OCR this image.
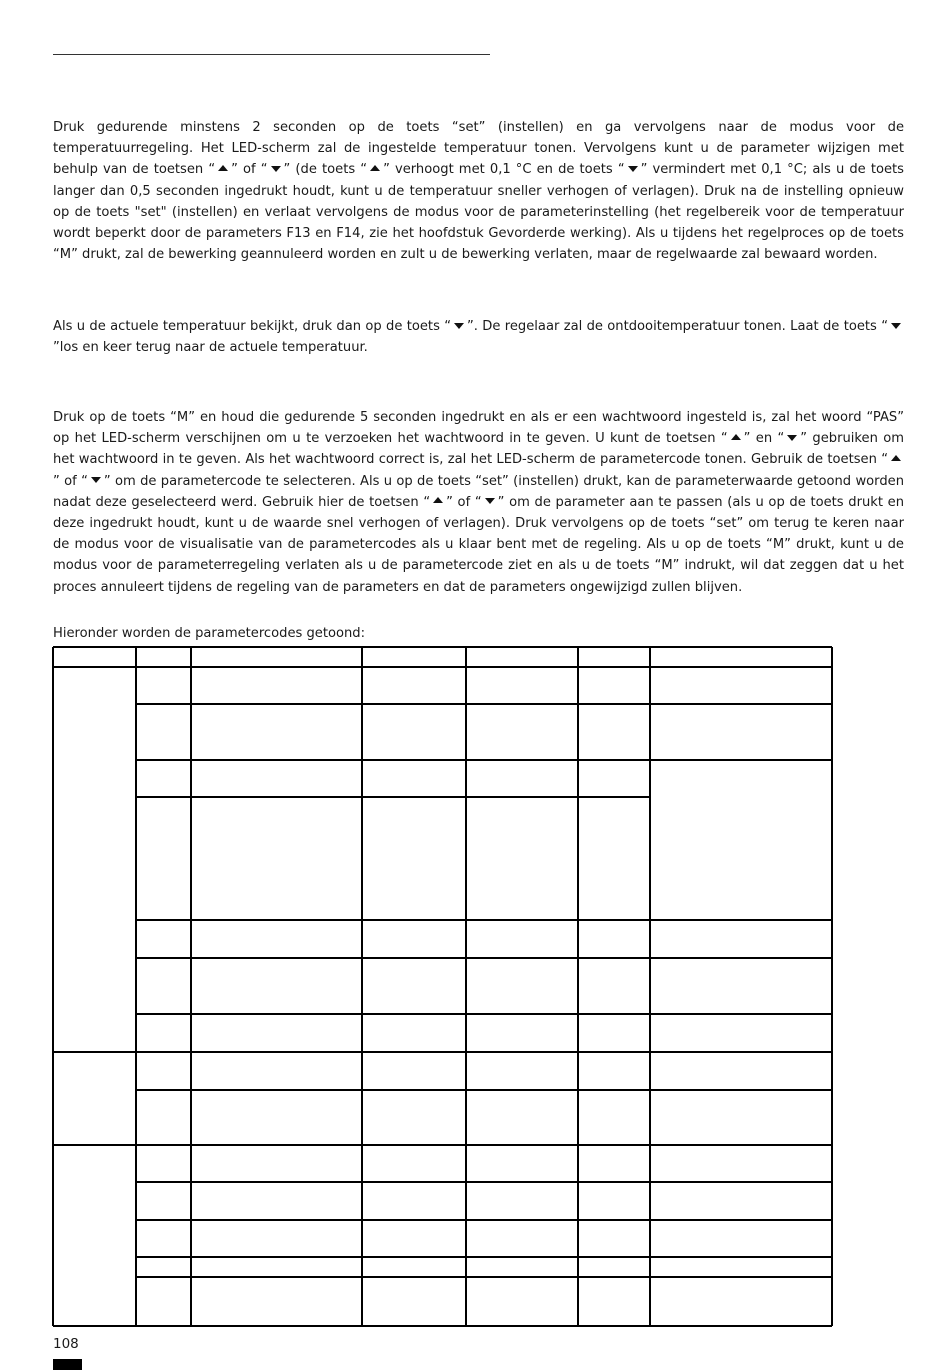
Druk gedurende minstens 2 seconden op de toets “set” (instellen) en ga vervolgens naar de modus voor de temperatuurregeling. Het LED-scherm zal de ingestelde temperatuur tonen. Vervolgens kunt u de parameter wijzigen met behulp van de toetsen “ ” of “ ” (de toets “ ” verhoogt met 0,1 °C en de toets “ ” vermindert met 0,1 °C; als u de toets langer dan 0,5 seconden ingedrukt houdt, kunt u de temperatuur sneller verhogen of verlagen). Druk na de instelling opnieuw op de toets "set" (instellen) en verlaat vervolgens de modus voor de parameterinstelling (het regelbereik voor de temperatuur wordt beperkt door de parameters F13 en F14, zie het hoofdstuk Gevorderde werking). Als u tijdens het regelproces op de toets “M” drukt, zal de bewerking geannuleerd worden en zult u de bewerking verlaten, maar de regelwaarde zal bewaard worden.

Als u de actuele temperatuur bekijkt, druk dan op de toets “ ”. De regelaar zal de ontdooitemperatuur tonen. Laat de toets “”los en keer terug naar de actuele temperatuur.

Druk op de toets “M” en houd die gedurende 5 seconden ingedrukt en als er een wachtwoord ingesteld is, zal het woord “PAS” op het LED-scherm verschijnen om u te verzoeken het wachtwoord in te geven. U kunt de toetsen “ ” en “ ” gebruiken om het wachtwoord in te geven. Als het wachtwoord correct is, zal het LED-scherm de parametercode tonen. Gebruik de toetsen “” of “ ” om de parametercode te selecteren. Als u op de toets “set” (instellen) drukt, kan de parameterwaarde getoond worden nadat deze geselecteerd werd. Gebruik hier de toetsen “ ” of “ ” om de parameter aan te passen (als u op de toets drukt en deze ingedrukt houdt, kunt u de waarde snel verhogen of verlagen). Druk vervolgens op de toets “set” om terug te keren naar de modus voor de visualisatie van de parametercodes als u klaar bent met de regeling. Als u op de toets “M” drukt, kunt u de modus voor de parameterregeling verlaten als u de parametercode ziet en als u de toets “M” indrukt, wil dat zeggen dat u het proces annuleert tijdens de regeling van de parameters en dat de parameters ongewijzigd zullen blijven.

Hieronder worden de parametercodes getoond:
108
